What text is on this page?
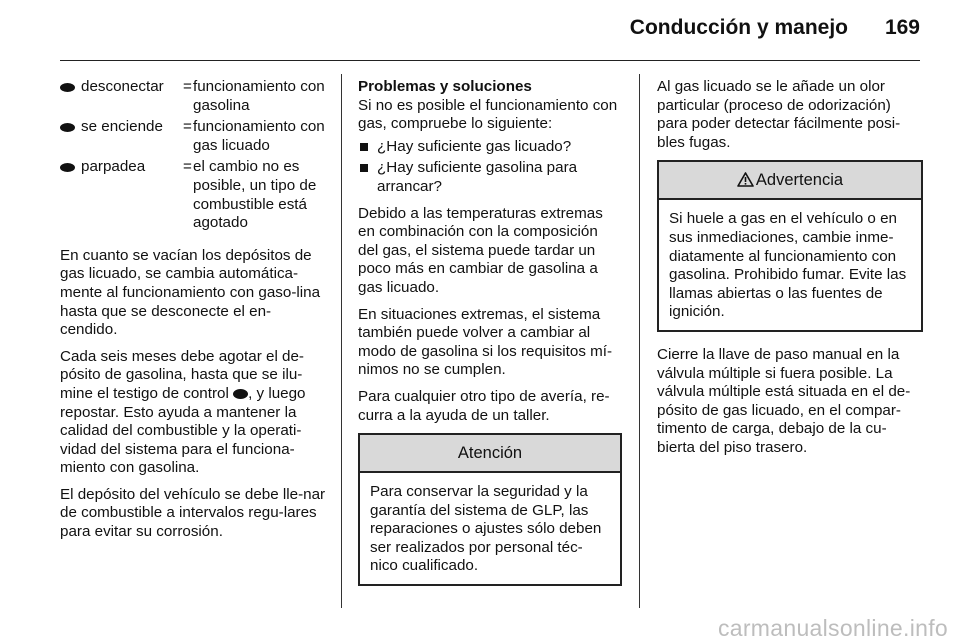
Conducción y manejo 169
desconectar = funcionamiento con gasolina
se enciende = funcionamiento con gas licuado
parpadea = el cambio no es posible, un tipo de combustible está agotado

En cuanto se vacían los depósitos de gas licuado, se cambia automática-mente al funcionamiento con gaso-lina hasta que se desconecte el en-cendido.

Cada seis meses debe agotar el de-pósito de gasolina, hasta que se ilu-mine el testigo de control , y luego repostar. Esto ayuda a mantener la calidad del combustible y la operati-vidad del sistema para el funciona-miento con gasolina.

El depósito del vehículo se debe lle-nar de combustible a intervalos regu-lares para evitar su corrosión.

Problemas y soluciones

Si no es posible el funcionamiento con gas, compruebe lo siguiente:

¿Hay suficiente gas licuado?
¿Hay suficiente gasolina para arrancar?

Debido a las temperaturas extremas en combinación con la composición del gas, el sistema puede tardar un poco más en cambiar de gasolina a gas licuado.

En situaciones extremas, el sistema también puede volver a cambiar al modo de gasolina si los requisitos mí-nimos no se cumplen.

Para cualquier otro tipo de avería, re-curra a la ayuda de un taller.

Atención
Para conservar la seguridad y la garantía del sistema de GLP, las reparaciones o ajustes sólo deben ser realizados por personal téc-nico cualificado.

Al gas licuado se le añade un olor particular (proceso de odorización) para poder detectar fácilmente posi-bles fugas.

Advertencia
Si huele a gas en el vehículo o en sus inmediaciones, cambie inme-diatamente al funcionamiento con gasolina. Prohibido fumar. Evite las llamas abiertas o las fuentes de ignición.

Cierre la llave de paso manual en la válvula múltiple si fuera posible. La válvula múltiple está situada en el de-pósito de gas licuado, en el compar-timento de carga, debajo de la cu-bierta del piso trasero.

carmanualsonline.info
